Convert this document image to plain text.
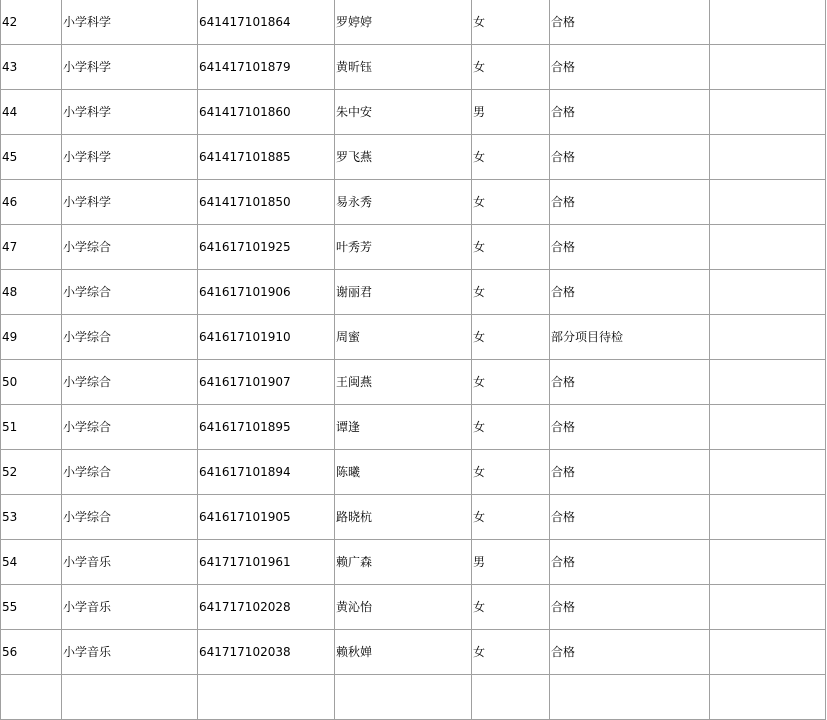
42	小学科学	641417101864	罗婷婷	女	合格	
43	小学科学	641417101879	黄昕钰	女	合格	
44	小学科学	641417101860	朱中安	男	合格	
45	小学科学	641417101885	罗飞燕	女	合格	
46	小学科学	641417101850	易永秀	女	合格	
47	小学综合	641617101925	叶秀芳	女	合格	
48	小学综合	641617101906	谢丽君	女	合格	
49	小学综合	641617101910	周蜜	女	部分项目待检	
50	小学综合	641617101907	王闽燕	女	合格	
51	小学综合	641617101895	谭逢	女	合格	
52	小学综合	641617101894	陈曦	女	合格	
53	小学综合	641617101905	路晓杭	女	合格	
54	小学音乐	641717101961	赖广森	男	合格	
55	小学音乐	641717102028	黄沁怡	女	合格	
56	小学音乐	641717102038	赖秋婵	女	合格	
